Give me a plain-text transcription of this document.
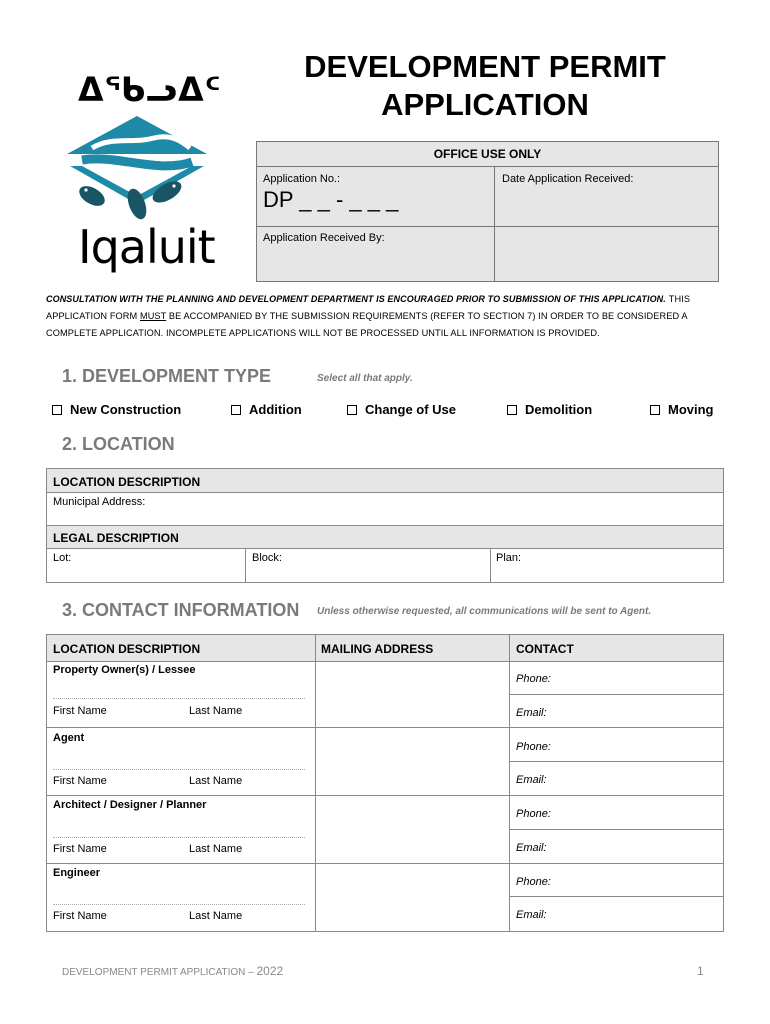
ᐃᖃᓗᐃᑦ
Iqaluit
DEVELOPMENT PERMIT
APPLICATION
OFFICE USE ONLY
Application No.:
DP _ _ - _ _ _
Date Application Received:
Application Received By:
CONSULTATION WITH THE PLANNING AND DEVELOPMENT DEPARTMENT IS ENCOURAGED PRIOR TO SUBMISSION OF THIS APPLICATION. THIS APPLICATION FORM MUST BE ACCOMPANIED BY THE SUBMISSION REQUIREMENTS (REFER TO SECTION 7) IN ORDER TO BE CONSIDERED A COMPLETE APPLICATION. INCOMPLETE APPLICATIONS WILL NOT BE PROCESSED UNTIL ALL INFORMATION IS PROVIDED.
1. DEVELOPMENT TYPE	Select all that apply.
New Construction	Addition	Change of Use	Demolition	Moving
2. LOCATION
LOCATION DESCRIPTION
Municipal Address:
LEGAL DESCRIPTION
Lot:	Block:	Plan:
3. CONTACT INFORMATION Unless otherwise requested, all communications will be sent to Agent.
LOCATION DESCRIPTION	MAILING ADDRESS	CONTACT
Property Owner(s) / Lessee
First Name	Last Name
Phone:
Email:
Agent
First Name	Last Name
Phone:
Email:
Architect / Designer / Planner
First Name	Last Name
Phone:
Email:
Engineer
First Name	Last Name
Phone:
Email:
DEVELOPMENT PERMIT APPLICATION – 2022	1
